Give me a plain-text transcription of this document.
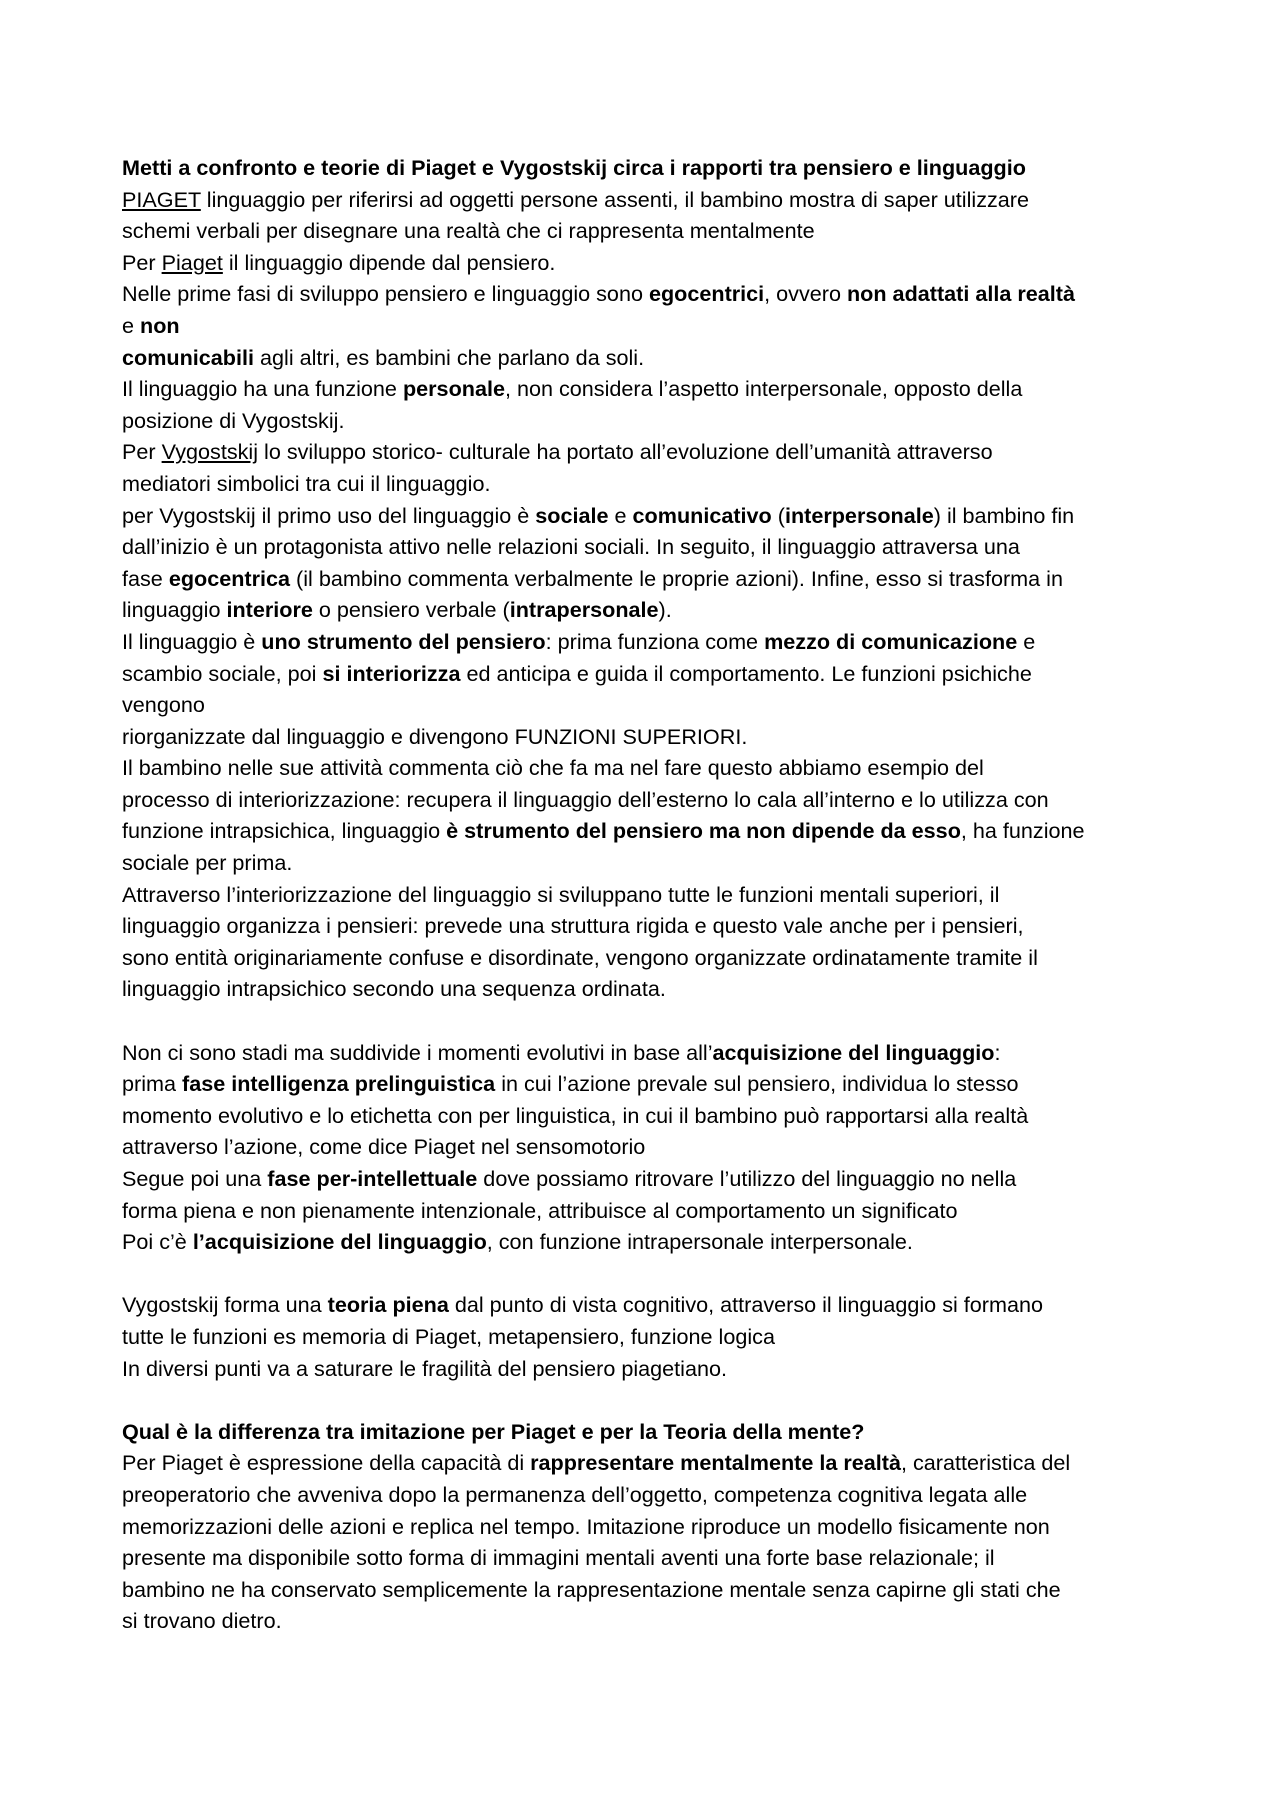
Metti a confronto e teorie di Piaget e Vygostskij circa i rapporti tra pensiero e linguaggio
PIAGET linguaggio per riferirsi ad oggetti persone assenti, il bambino mostra di saper utilizzare
schemi verbali per disegnare una realtà che ci rappresenta mentalmente
Per Piaget il linguaggio dipende dal pensiero.
Nelle prime fasi di sviluppo pensiero e linguaggio sono egocentrici, ovvero non adattati alla realtà
e non
comunicabili agli altri, es bambini che parlano da soli.
Il linguaggio ha una funzione personale, non considera l’aspetto interpersonale, opposto della
posizione di Vygostskij.
Per Vygostskij lo sviluppo storico- culturale ha portato all’evoluzione dell’umanità attraverso
mediatori simbolici tra cui il linguaggio.
per Vygostskij il primo uso del linguaggio è sociale e comunicativo (interpersonale) il bambino fin
dall’inizio è un protagonista attivo nelle relazioni sociali. In seguito, il linguaggio attraversa una
fase egocentrica (il bambino commenta verbalmente le proprie azioni). Infine, esso si trasforma in
linguaggio interiore o pensiero verbale (intrapersonale).
Il linguaggio è uno strumento del pensiero: prima funziona come mezzo di comunicazione e
scambio sociale, poi si interiorizza ed anticipa e guida il comportamento. Le funzioni psichiche
vengono
riorganizzate dal linguaggio e divengono FUNZIONI SUPERIORI.
Il bambino nelle sue attività commenta ciò che fa ma nel fare questo abbiamo esempio del
processo di interiorizzazione: recupera il linguaggio dell’esterno lo cala all’interno e lo utilizza con
funzione intrapsichica, linguaggio è strumento del pensiero ma non dipende da esso, ha funzione
sociale per prima.
Attraverso l’interiorizzazione del linguaggio si sviluppano tutte le funzioni mentali superiori, il
linguaggio organizza i pensieri: prevede una struttura rigida e questo vale anche per i pensieri,
sono entità originariamente confuse e disordinate, vengono organizzate ordinatamente tramite il
linguaggio intrapsichico secondo una sequenza ordinata.
Non ci sono stadi ma suddivide i momenti evolutivi in base all’acquisizione del linguaggio:
prima fase intelligenza prelinguistica in cui l’azione prevale sul pensiero, individua lo stesso
momento evolutivo e lo etichetta con per linguistica, in cui il bambino può rapportarsi alla realtà
attraverso l’azione, come dice Piaget nel sensomotorio
Segue poi una fase per-intellettuale dove possiamo ritrovare l’utilizzo del linguaggio no nella
forma piena e non pienamente intenzionale, attribuisce al comportamento un significato
Poi c’è l’acquisizione del linguaggio, con funzione intrapersonale interpersonale.
Vygostskij forma una teoria piena dal punto di vista cognitivo, attraverso il linguaggio si formano
tutte le funzioni es memoria di Piaget, metapensiero, funzione logica
In diversi punti va a saturare le fragilità del pensiero piagetiano.
Qual è la differenza tra imitazione per Piaget e per la Teoria della mente?
Per Piaget è espressione della capacità di rappresentare mentalmente la realtà, caratteristica del
preoperatorio che avveniva dopo la permanenza dell’oggetto, competenza cognitiva legata alle
memorizzazioni delle azioni e replica nel tempo. Imitazione riproduce un modello fisicamente non
presente ma disponibile sotto forma di immagini mentali aventi una forte base relazionale; il
bambino ne ha conservato semplicemente la rappresentazione mentale senza capirne gli stati che
si trovano dietro.
